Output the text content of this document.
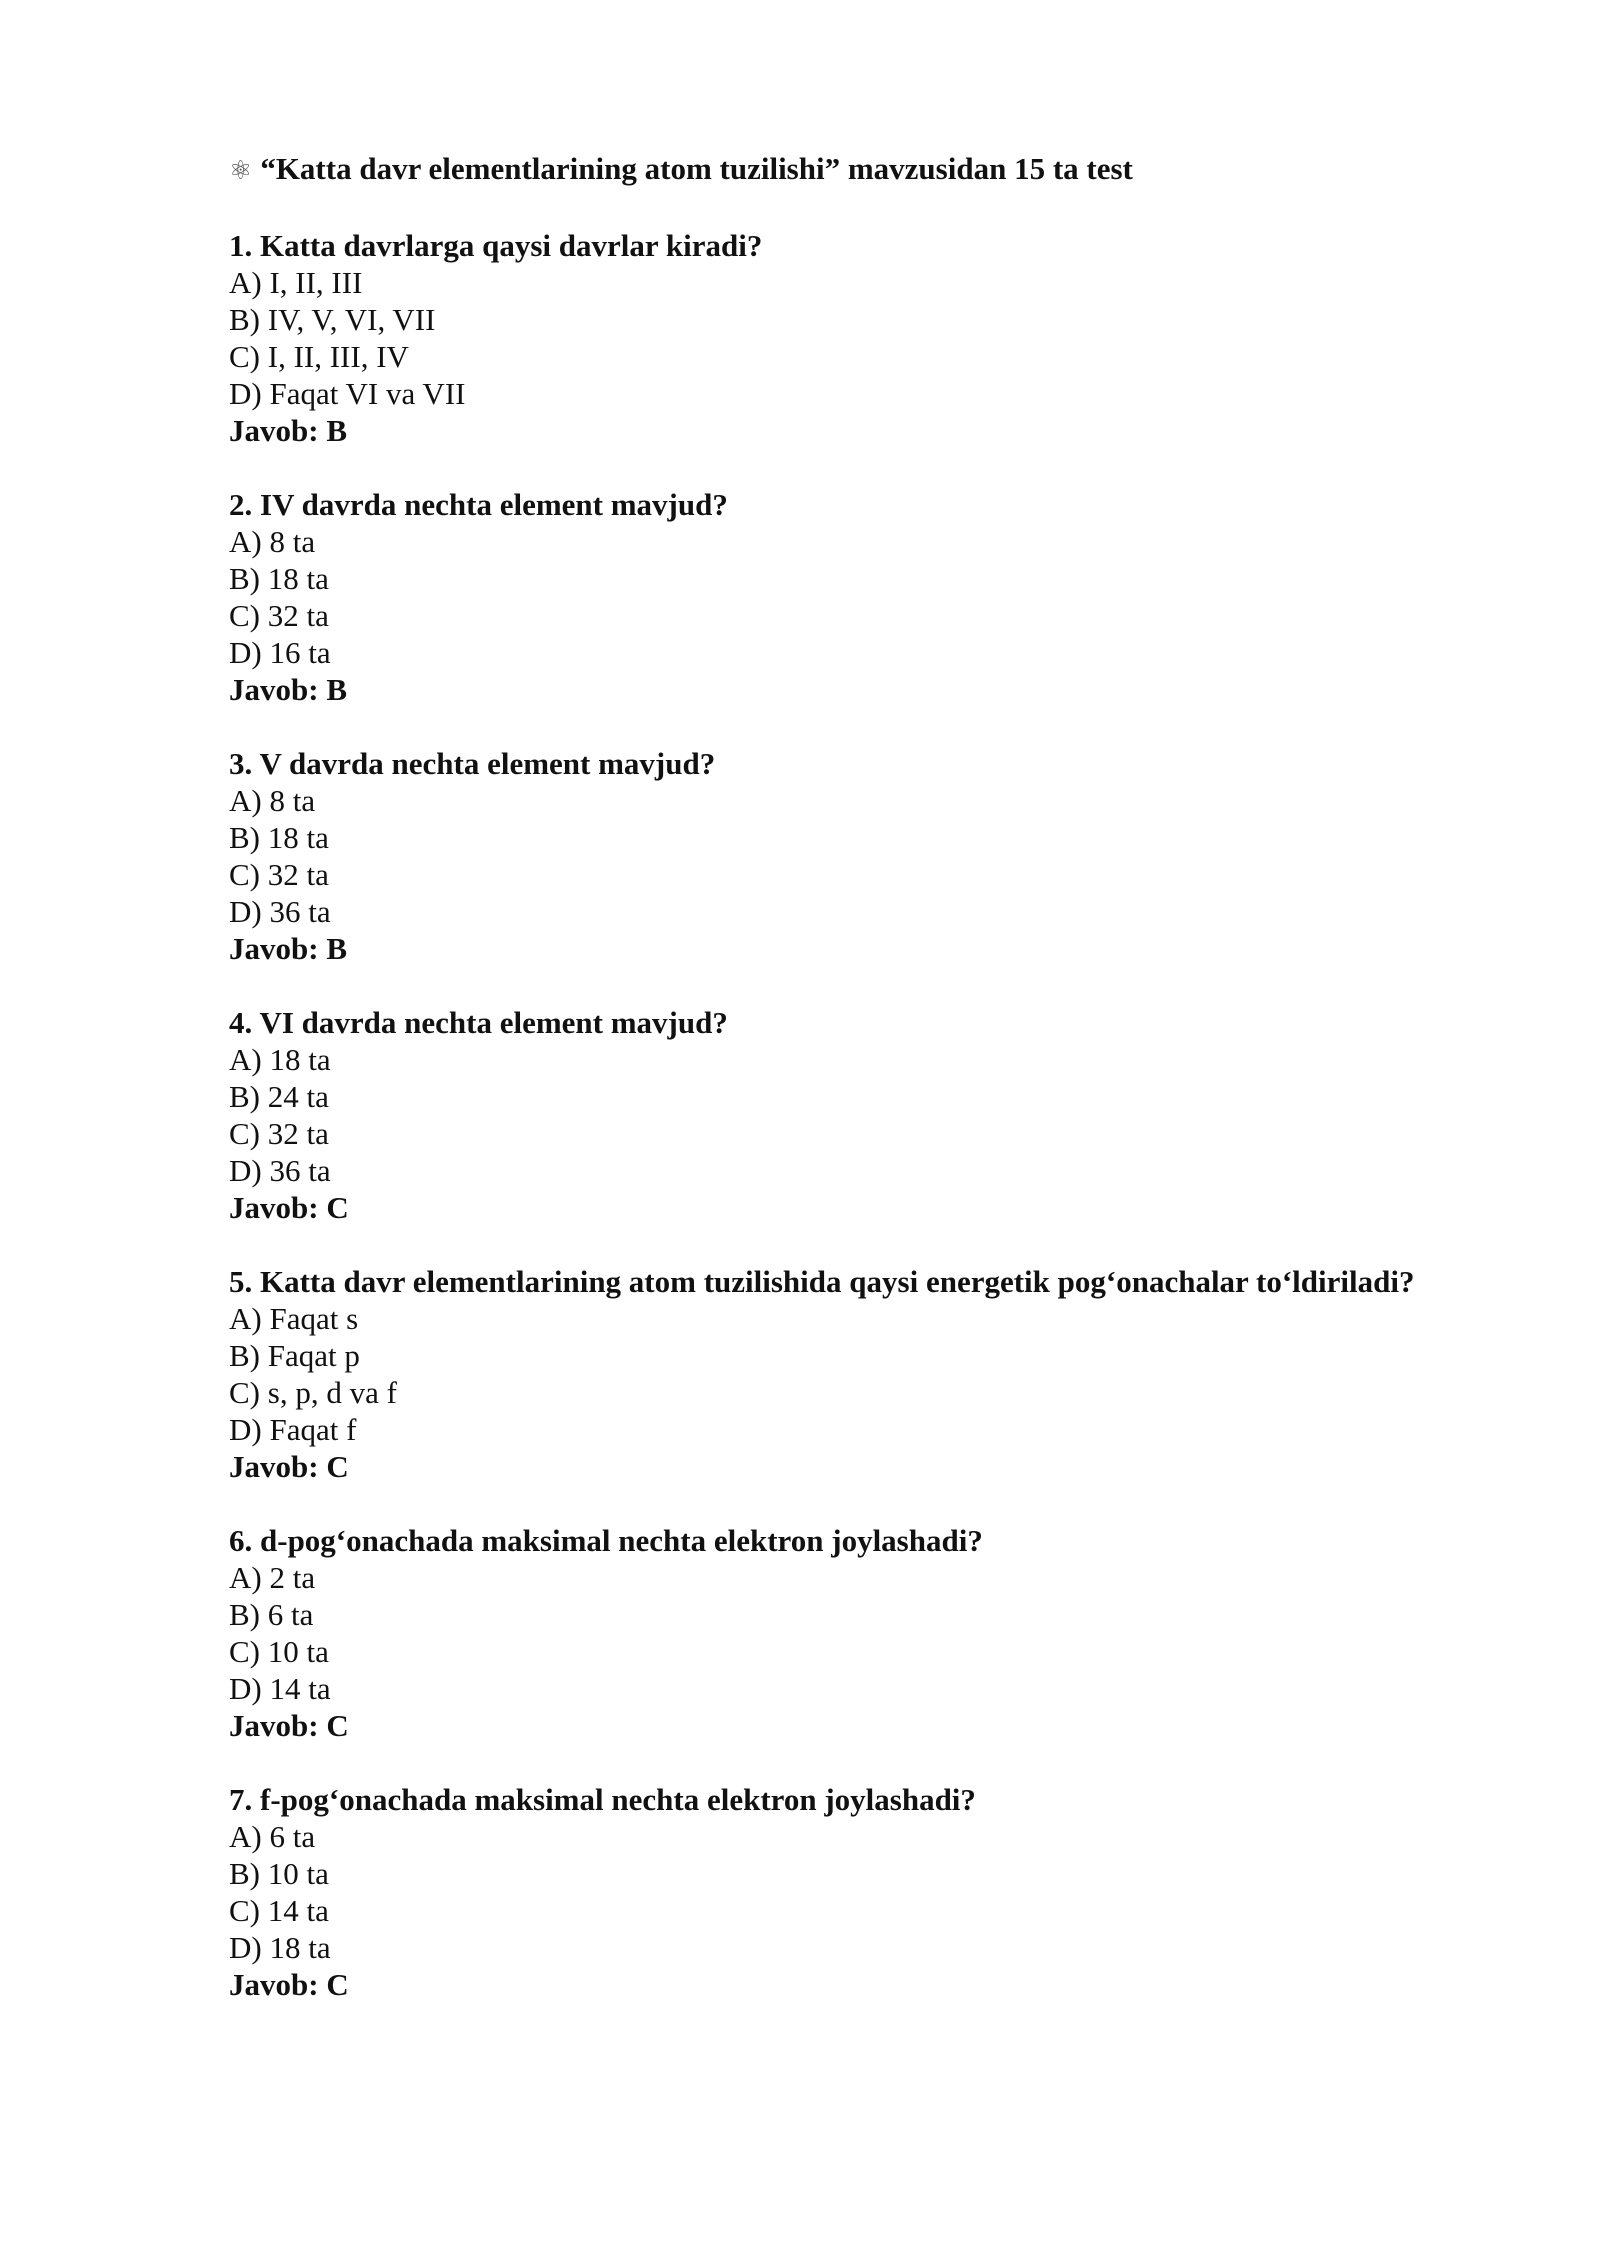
⚛ “Katta davr elementlarining atom tuzilishi” mavzusidan 15 ta test
1. Katta davrlarga qaysi davrlar kiradi?
A) I, II, III
B) IV, V, VI, VII
C) I, II, III, IV
D) Faqat VI va VII
Javob: B
2. IV davrda nechta element mavjud?
A) 8 ta
B) 18 ta
C) 32 ta
D) 16 ta
Javob: B
3. V davrda nechta element mavjud?
A) 8 ta
B) 18 ta
C) 32 ta
D) 36 ta
Javob: B
4. VI davrda nechta element mavjud?
A) 18 ta
B) 24 ta
C) 32 ta
D) 36 ta
Javob: C
5. Katta davr elementlarining atom tuzilishida qaysi energetik pog‘onachalar to‘ldiriladi?
A) Faqat s
B) Faqat p
C) s, p, d va f
D) Faqat f
Javob: C
6. d-pog‘onachada maksimal nechta elektron joylashadi?
A) 2 ta
B) 6 ta
C) 10 ta
D) 14 ta
Javob: C
7. f-pog‘onachada maksimal nechta elektron joylashadi?
A) 6 ta
B) 10 ta
C) 14 ta
D) 18 ta
Javob: C
